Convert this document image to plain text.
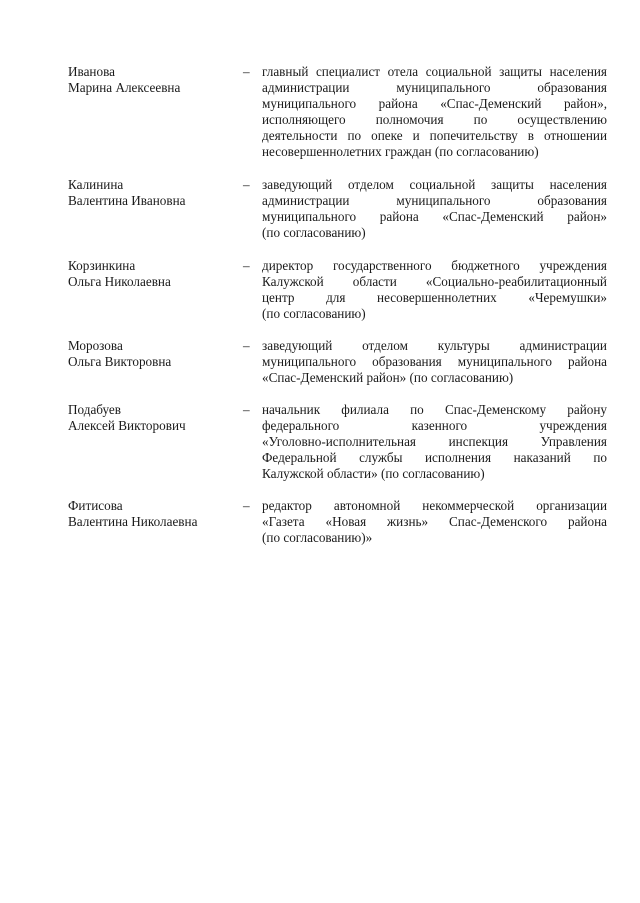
Иванова
Марина Алексеевна
– главный специалист отела социальной защиты населения
администрации муниципального образования
муниципального района «Спас-Деменский район»,
исполняющего полномочия по осуществлению
деятельности по опеке и попечительству в отношении
несовершеннолетних граждан (по согласованию)
Калинина
Валентина Ивановна
– заведующий отделом социальной защиты населения
администрации муниципального образования
муниципального района «Спас-Деменский район»
(по согласованию)
Корзинкина
Ольга Николаевна
– директор государственного бюджетного учреждения
Калужской области «Социально-реабилитационный
центр для несовершеннолетних «Черемушки»
(по согласованию)
Морозова
Ольга Викторовна
– заведующий отделом культуры администрации
муниципального образования муниципального района
«Спас-Деменский район» (по согласованию)
Подабуев
Алексей Викторович
– начальник филиала по Спас-Деменскому району
федерального казенного учреждения
«Уголовно-исполнительная инспекция Управления
Федеральной службы исполнения наказаний по
Калужской области» (по согласованию)
Фитисова
Валентина Николаевна
– редактор автономной некоммерческой организации
«Газета «Новая жизнь» Спас-Деменского района
(по согласованию)»
